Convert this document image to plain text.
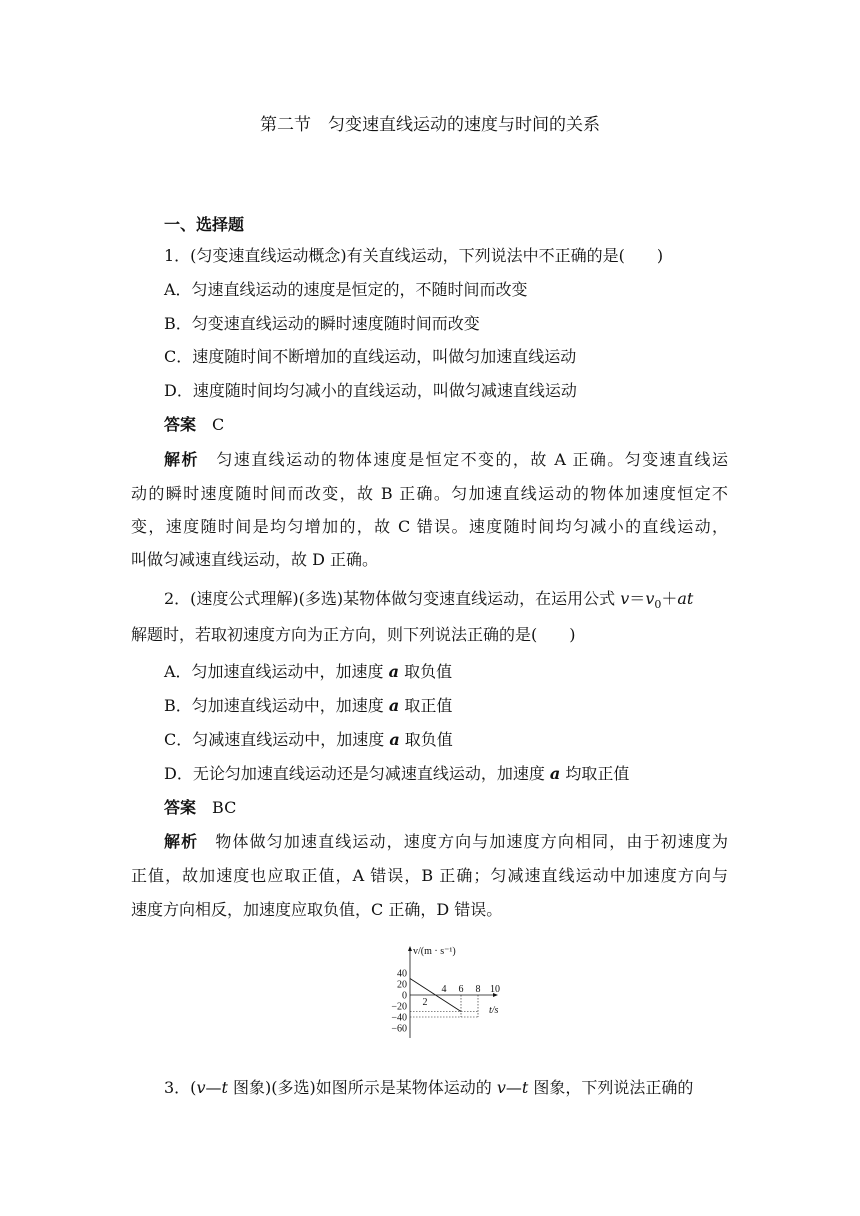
第二节　匀变速直线运动的速度与时间的关系
一、选择题
1．(匀变速直线运动概念)有关直线运动，下列说法中不正确的是(　　)
A．匀速直线运动的速度是恒定的，不随时间而改变
B．匀变速直线运动的瞬时速度随时间而改变
C．速度随时间不断增加的直线运动，叫做匀加速直线运动
D．速度随时间均匀减小的直线运动，叫做匀减速直线运动
答案　 C
解析　 匀速直线运动的物体速度是恒定不变的，故 A 正确。匀变速直线运
动的瞬时速度随时间而改变，故 B 正确。匀加速直线运动的物体加速度恒定不
变，速度随时间是均匀增加的，故 C 错误。速度随时间均匀减小的直线运动，
叫做匀减速直线运动，故 D 正确。
2．(速度公式理解)(多选)某物体做匀变速直线运动，在运用公式 $v=v_0+at$
解题时，若取初速度方向为正方向，则下列说法正确的是(　　)
A．匀加速直线运动中，加速度 a 取负值
B．匀加速直线运动中，加速度 a 取正值
C．匀减速直线运动中，加速度 a 取负值
D．无论匀加速直线运动还是匀减速直线运动，加速度 a 均取正值
答案　 BC
解析　 物体做匀加速直线运动，速度方向与加速度方向相同，由于初速度为
正值，故加速度也应取正值，A 错误，B 正确；匀减速直线运动中加速度方向与
速度方向相反，加速度应取负值，C 正确，D 错误。
v/(m · s⁻¹)
t/s
40
20
0
−20
−40
−60
2
4 6 8 10
3．(v—t 图象)(多选)如图所示是某物体运动的 v—t 图象，下列说法正确的
